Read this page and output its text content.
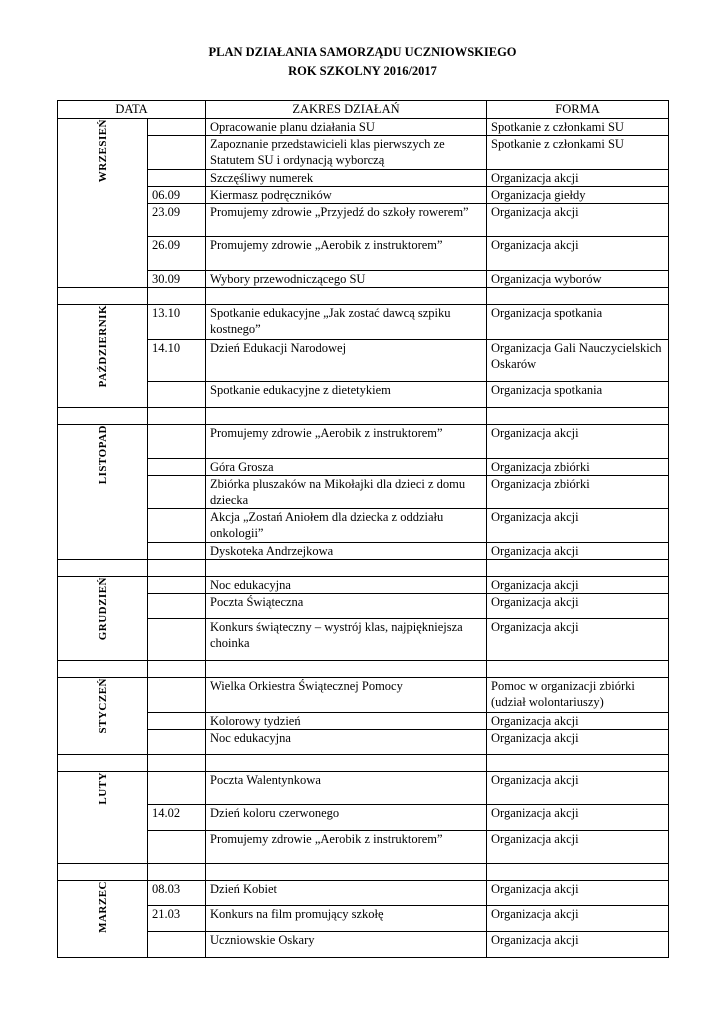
PLAN DZIAŁANIA SAMORZĄDU UCZNIOWSKIEGO
ROK SZKOLNY 2016/2017
DATA		ZAKRES DZIAŁAŃ	FORMA
WRZESIEŃ		Opracowanie planu działania SU	Spotkanie z członkami SU
		Zapoznanie przedstawicieli klas pierwszych ze Statutem SU i ordynacją wyborczą	Spotkanie z członkami SU
		Szczęśliwy numerek	Organizacja akcji
	06.09	Kiermasz podręczników	Organizacja giełdy
	23.09	Promujemy zdrowie „Przyjedź do szkoły rowerem”	Organizacja akcji
	26.09	Promujemy zdrowie „Aerobik z instruktorem”	Organizacja akcji
	30.09	Wybory przewodniczącego SU	Organizacja wyborów

PAŹDZIERNIK	13.10	Spotkanie edukacyjne „Jak zostać dawcą szpiku kostnego”	Organizacja spotkania
	14.10	Dzień Edukacji Narodowej	Organizacja Gali Nauczycielskich Oskarów
		Spotkanie edukacyjne z dietetykiem	Organizacja spotkania

LISTOPAD		Promujemy zdrowie „Aerobik z instruktorem”	Organizacja akcji
		Góra Grosza	Organizacja zbiórki
		Zbiórka pluszaków na Mikołajki dla dzieci z domu dziecka	Organizacja zbiórki
		Akcja „Zostań Aniołem dla dziecka z oddziału onkologii”	Organizacja akcji
		Dyskoteka Andrzejkowa	Organizacja akcji

GRUDZIEŃ		Noc edukacyjna	Organizacja akcji
		Poczta Świąteczna	Organizacja akcji
		Konkurs świąteczny – wystrój klas, najpiękniejsza choinka	Organizacja akcji

STYCZEŃ		Wielka Orkiestra Świątecznej Pomocy	Pomoc w organizacji zbiórki (udział wolontariuszy)
		Kolorowy tydzień	Organizacja akcji
		Noc edukacyjna	Organizacja akcji

LUTY		Poczta Walentynkowa	Organizacja akcji
	14.02	Dzień koloru czerwonego	Organizacja akcji
		Promujemy zdrowie „Aerobik z instruktorem”	Organizacja akcji

MARZEC	08.03	Dzień Kobiet	Organizacja akcji
	21.03	Konkurs na film promujący szkołę	Organizacja akcji
		Uczniowskie Oskary	Organizacja akcji
